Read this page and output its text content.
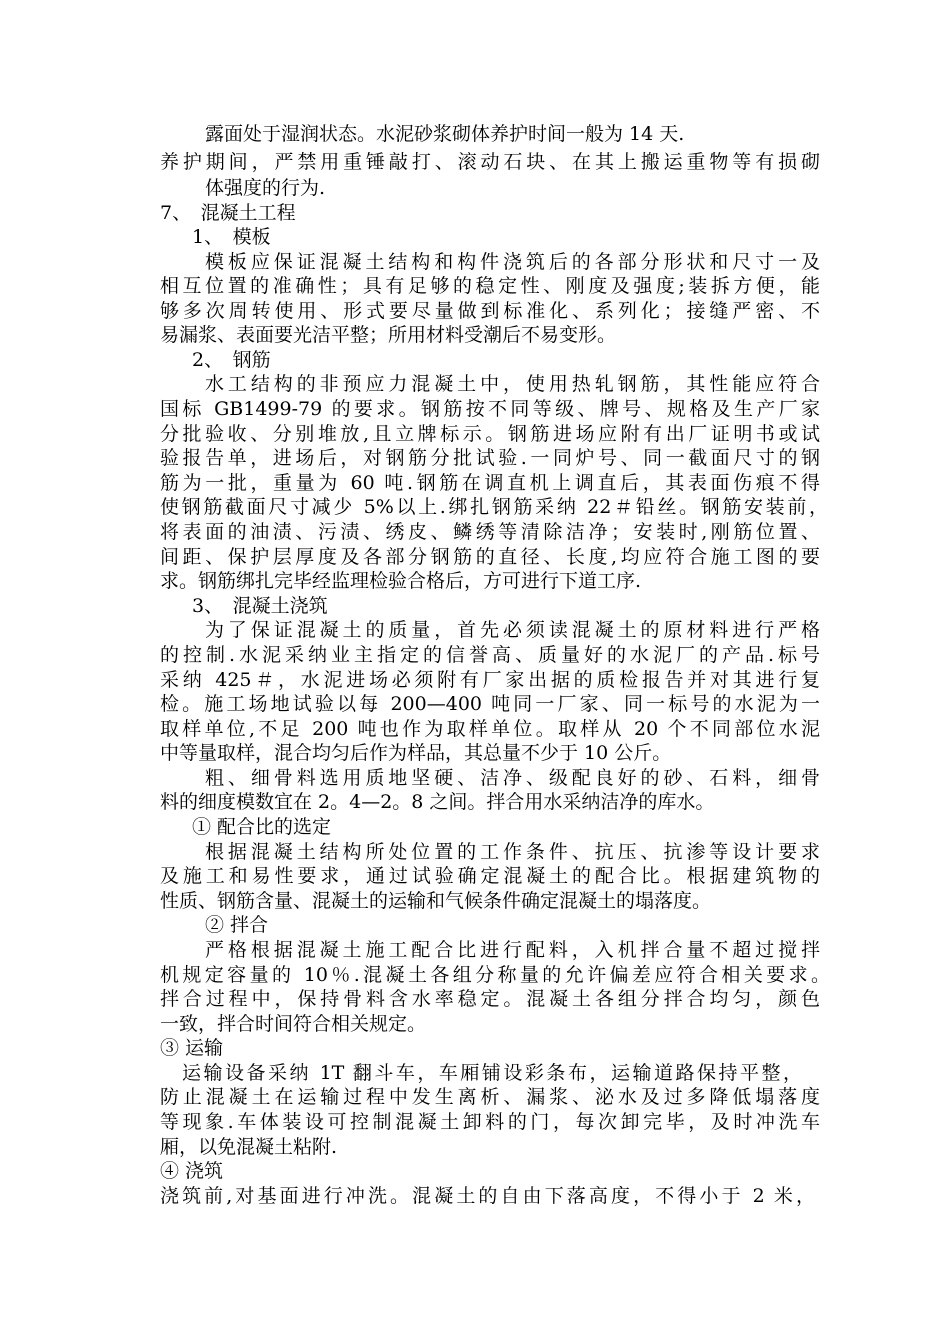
露面处于湿润状态。水泥砂浆砌体养护时间一般为 14 天.
养护期间，严禁用重锤敲打、滚动石块、在其上搬运重物等有损砌
体强度的行为.
7、　混凝土工程
1、　模板
模板应保证混凝土结构和构件浇筑后的各部分形状和尺寸一及
相互位置的准确性；具有足够的稳定性、刚度及强度;装拆方便，能
够多次周转使用、形式要尽量做到标准化、系列化；接缝严密、不
易漏浆、表面要光洁平整；所用材料受潮后不易变形。
2、　钢筋
水工结构的非预应力混凝土中，使用热轧钢筋，其性能应符合
国标 GB1499-79 的要求。钢筋按不同等级、牌号、规格及生产厂家
分批验收、分别堆放,且立牌标示。钢筋进场应附有出厂证明书或试
验报告单，进场后，对钢筋分批试验.一同炉号、同一截面尺寸的钢
筋为一批，重量为 60 吨.钢筋在调直机上调直后，其表面伤痕不得
使钢筋截面尺寸减少 5%以上.绑扎钢筋采纳 22＃铅丝。钢筋安装前，
将表面的油渍、污渍、绣皮、鳞绣等清除洁净；安装时,刚筋位置、
间距、保护层厚度及各部分钢筋的直径、长度,均应符合施工图的要
求。钢筋绑扎完毕经监理检验合格后，方可进行下道工序.
3、　混凝土浇筑
为了保证混凝土的质量，首先必须读混凝土的原材料进行严格
的控制.水泥采纳业主指定的信誉高、质量好的水泥厂的产品.标号
采纳 425＃，水泥进场必须附有厂家出据的质检报告并对其进行复
检。施工场地试验以每 200—400 吨同一厂家、同一标号的水泥为一
取样单位,不足 200 吨也作为取样单位。取样从 20 个不同部位水泥
中等量取样，混合均匀后作为样品，其总量不少于 10 公斤。
粗、细骨料选用质地坚硬、洁净、级配良好的砂、石料，细骨
料的细度模数宜在 2。4—2。8 之间。拌合用水采纳洁净的库水。
① 配合比的选定
根据混凝土结构所处位置的工作条件、抗压、抗渗等设计要求
及施工和易性要求，通过试验确定混凝土的配合比。根据建筑物的
性质、钢筋含量、混凝土的运输和气候条件确定混凝土的塌落度。
② 拌合
严格根据混凝土施工配合比进行配料，入机拌合量不超过搅拌
机规定容量的 10％.混凝土各组分称量的允许偏差应符合相关要求。
拌合过程中，保持骨料含水率稳定。混凝土各组分拌合均匀，颜色
一致，拌合时间符合相关规定。
③ 运输
运输设备采纳 1T 翻斗车，车厢铺设彩条布，运输道路保持平整，
防止混凝土在运输过程中发生离析、漏浆、泌水及过多降低塌落度
等现象.车体装设可控制混凝土卸料的门，每次卸完毕，及时冲洗车
厢，以免混凝土粘附.
④ 浇筑
浇筑前,对基面进行冲洗。混凝土的自由下落高度，不得小于 2 米，
